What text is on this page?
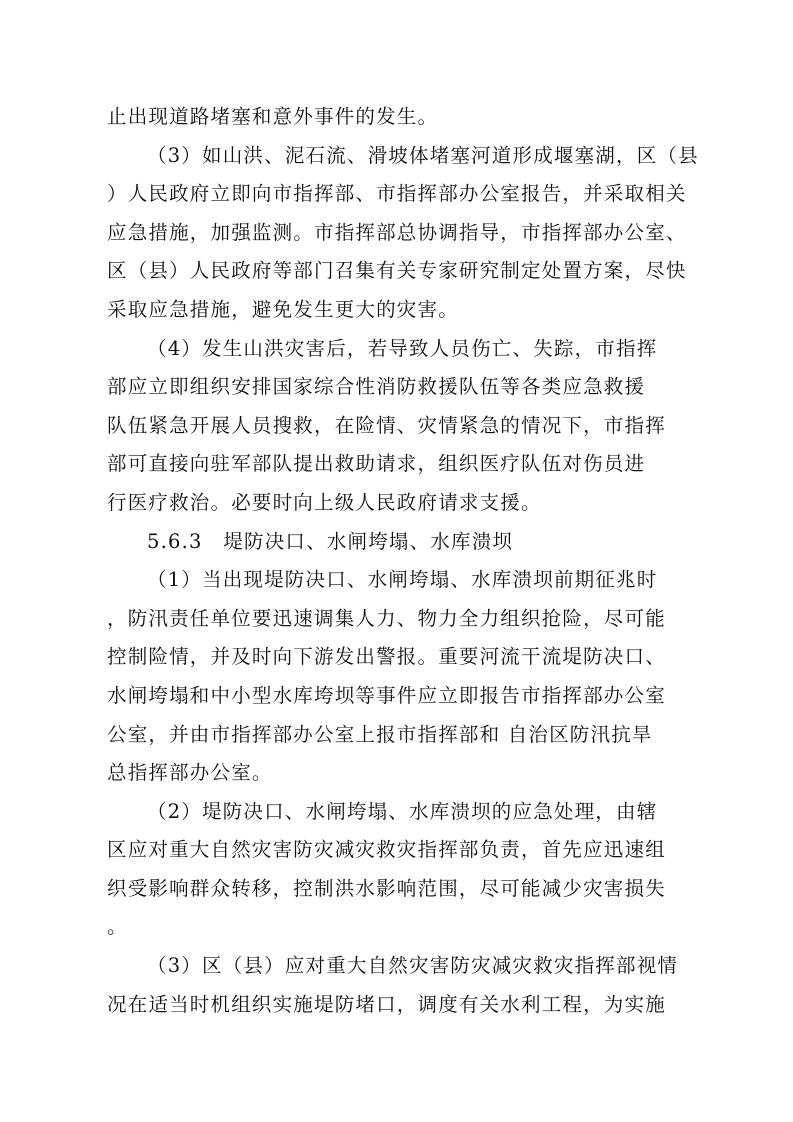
止出现道路堵塞和意外事件的发生。
（3）如山洪、泥石流、滑坡体堵塞河道形成堰塞湖，区（县
）人民政府立即向市指挥部、市指挥部办公室报告，并采取相关
应急措施，加强监测。市指挥部总协调指导，市指挥部办公室、
区（县）人民政府等部门召集有关专家研究制定处置方案，尽快
采取应急措施，避免发生更大的灾害。
（4）发生山洪灾害后，若导致人员伤亡、失踪，市指挥
部应立即组织安排国家综合性消防救援队伍等各类应急救援
队伍紧急开展人员搜救，在险情、灾情紧急的情况下，市指挥
部可直接向驻军部队提出救助请求，组织医疗队伍对伤员进
行医疗救治。必要时向上级人民政府请求支援。
5.6.3　堤防决口、水闸垮塌、水库溃坝
（1）当出现堤防决口、水闸垮塌、水库溃坝前期征兆时
，防汛责任单位要迅速调集人力、物力全力组织抢险，尽可能
控制险情，并及时向下游发出警报。重要河流干流堤防决口、
水闸垮塌和中小型水库垮坝等事件应立即报告市指挥部办公室
公室，并由市指挥部办公室上报市指挥部和 自治区防汛抗旱
总指挥部办公室。
（2）堤防决口、水闸垮塌、水库溃坝的应急处理，由辖
区应对重大自然灾害防灾减灾救灾指挥部负责，首先应迅速组
织受影响群众转移，控制洪水影响范围，尽可能减少灾害损失
。
（3）区（县）应对重大自然灾害防灾减灾救灾指挥部视情
况在适当时机组织实施堤防堵口，调度有关水利工程，为实施
